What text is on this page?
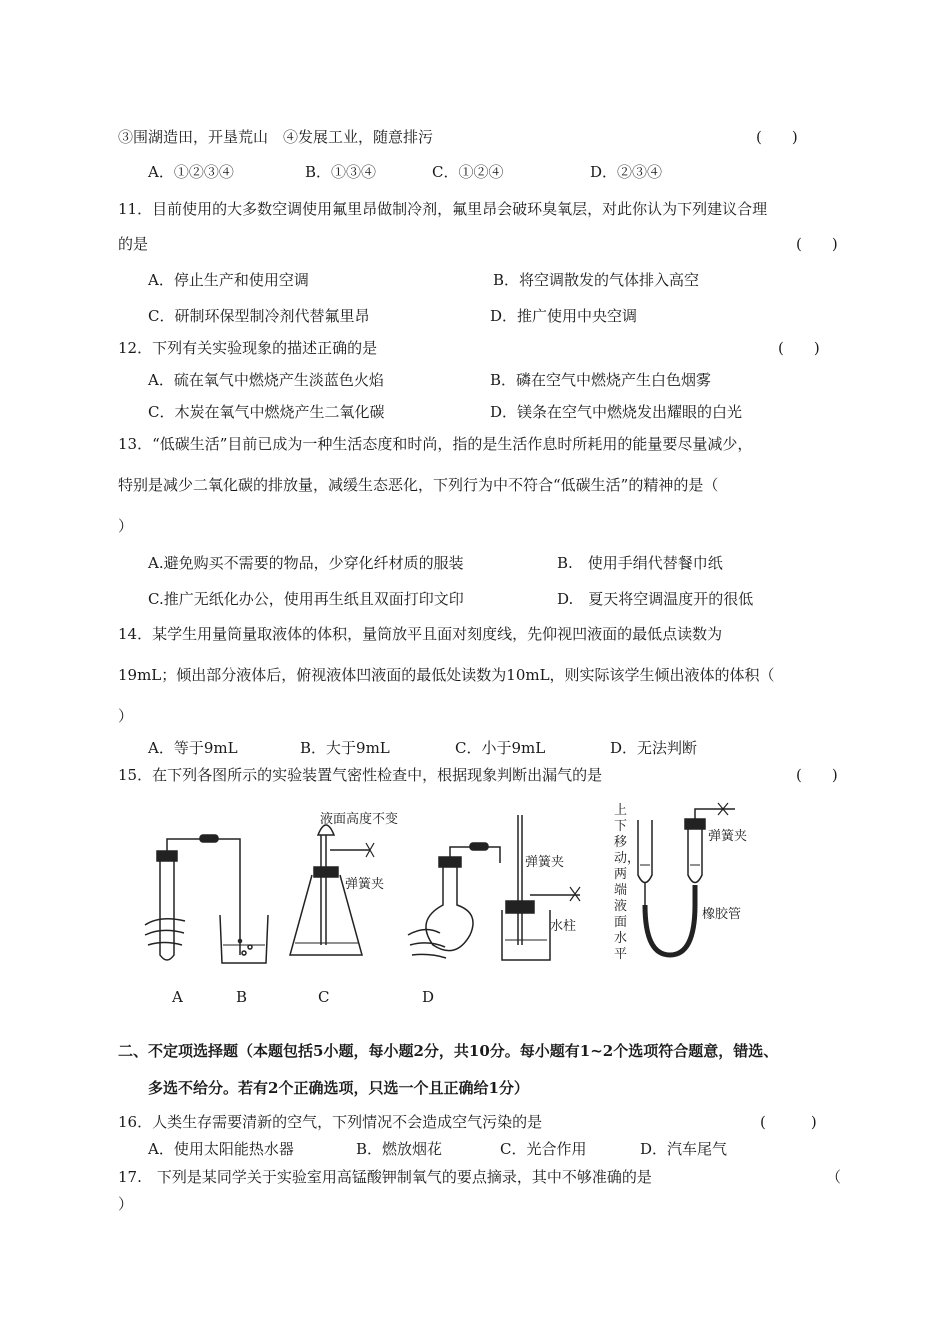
③围湖造田，开垦荒山　④发展工业，随意排污	(　　)
A．①②③④	B．①③④	C．①②④	D．②③④
11．目前使用的大多数空调使用氟里昂做制冷剂，氟里昂会破环臭氧层，对此你认为下列建议合理
的是	(　　)
A．停止生产和使用空调	B．将空调散发的气体排入高空
C．研制环保型制冷剂代替氟里昂	D．推广使用中央空调
12．下列有关实验现象的描述正确的是	(　　)
A．硫在氧气中燃烧产生淡蓝色火焰	B．磷在空气中燃烧产生白色烟雾
C．木炭在氧气中燃烧产生二氧化碳	D．镁条在空气中燃烧发出耀眼的白光
13．“低碳生活”目前已成为一种生活态度和时尚，指的是生活作息时所耗用的能量要尽量减少，
特别是减少二氧化碳的排放量，减缓生态恶化，下列行为中不符合“低碳生活”的精神的是（
）
A.避免购买不需要的物品，少穿化纤材质的服装	B.　使用手绢代替餐巾纸
C.推广无纸化办公，使用再生纸且双面打印文印	D.　夏天将空调温度开的很低
14．某学生用量筒量取液体的体积，量筒放平且面对刻度线，先仰视凹液面的最低点读数为
19mL；倾出部分液体后，俯视液体凹液面的最低处读数为10mL，则实际该学生倾出液体的体积（
）
A．等于9mL	B．大于9mL	C．小于9mL	D．无法判断
15．在下列各图所示的实验装置气密性检查中，根据现象判断出漏气的是	(　　)
液面高度不变
弹簧夹
弹簧夹
水柱
上下移动，两端液面水平
弹簧夹
橡胶管
A	B	C	D
二、不定项选择题（本题包括5小题，每小题2分，共10分。每小题有1~2个选项符合题意，错选、
多选不给分。若有2个正确选项，只选一个且正确给1分）
16．人类生存需要清新的空气，下列情况不会造成空气污染的是	(　　　)
A．使用太阳能热水器	B．燃放烟花	C．光合作用	D．汽车尾气
17.　下列是某同学关于实验室用高锰酸钾制氧气的要点摘录，其中不够准确的是	（
）
